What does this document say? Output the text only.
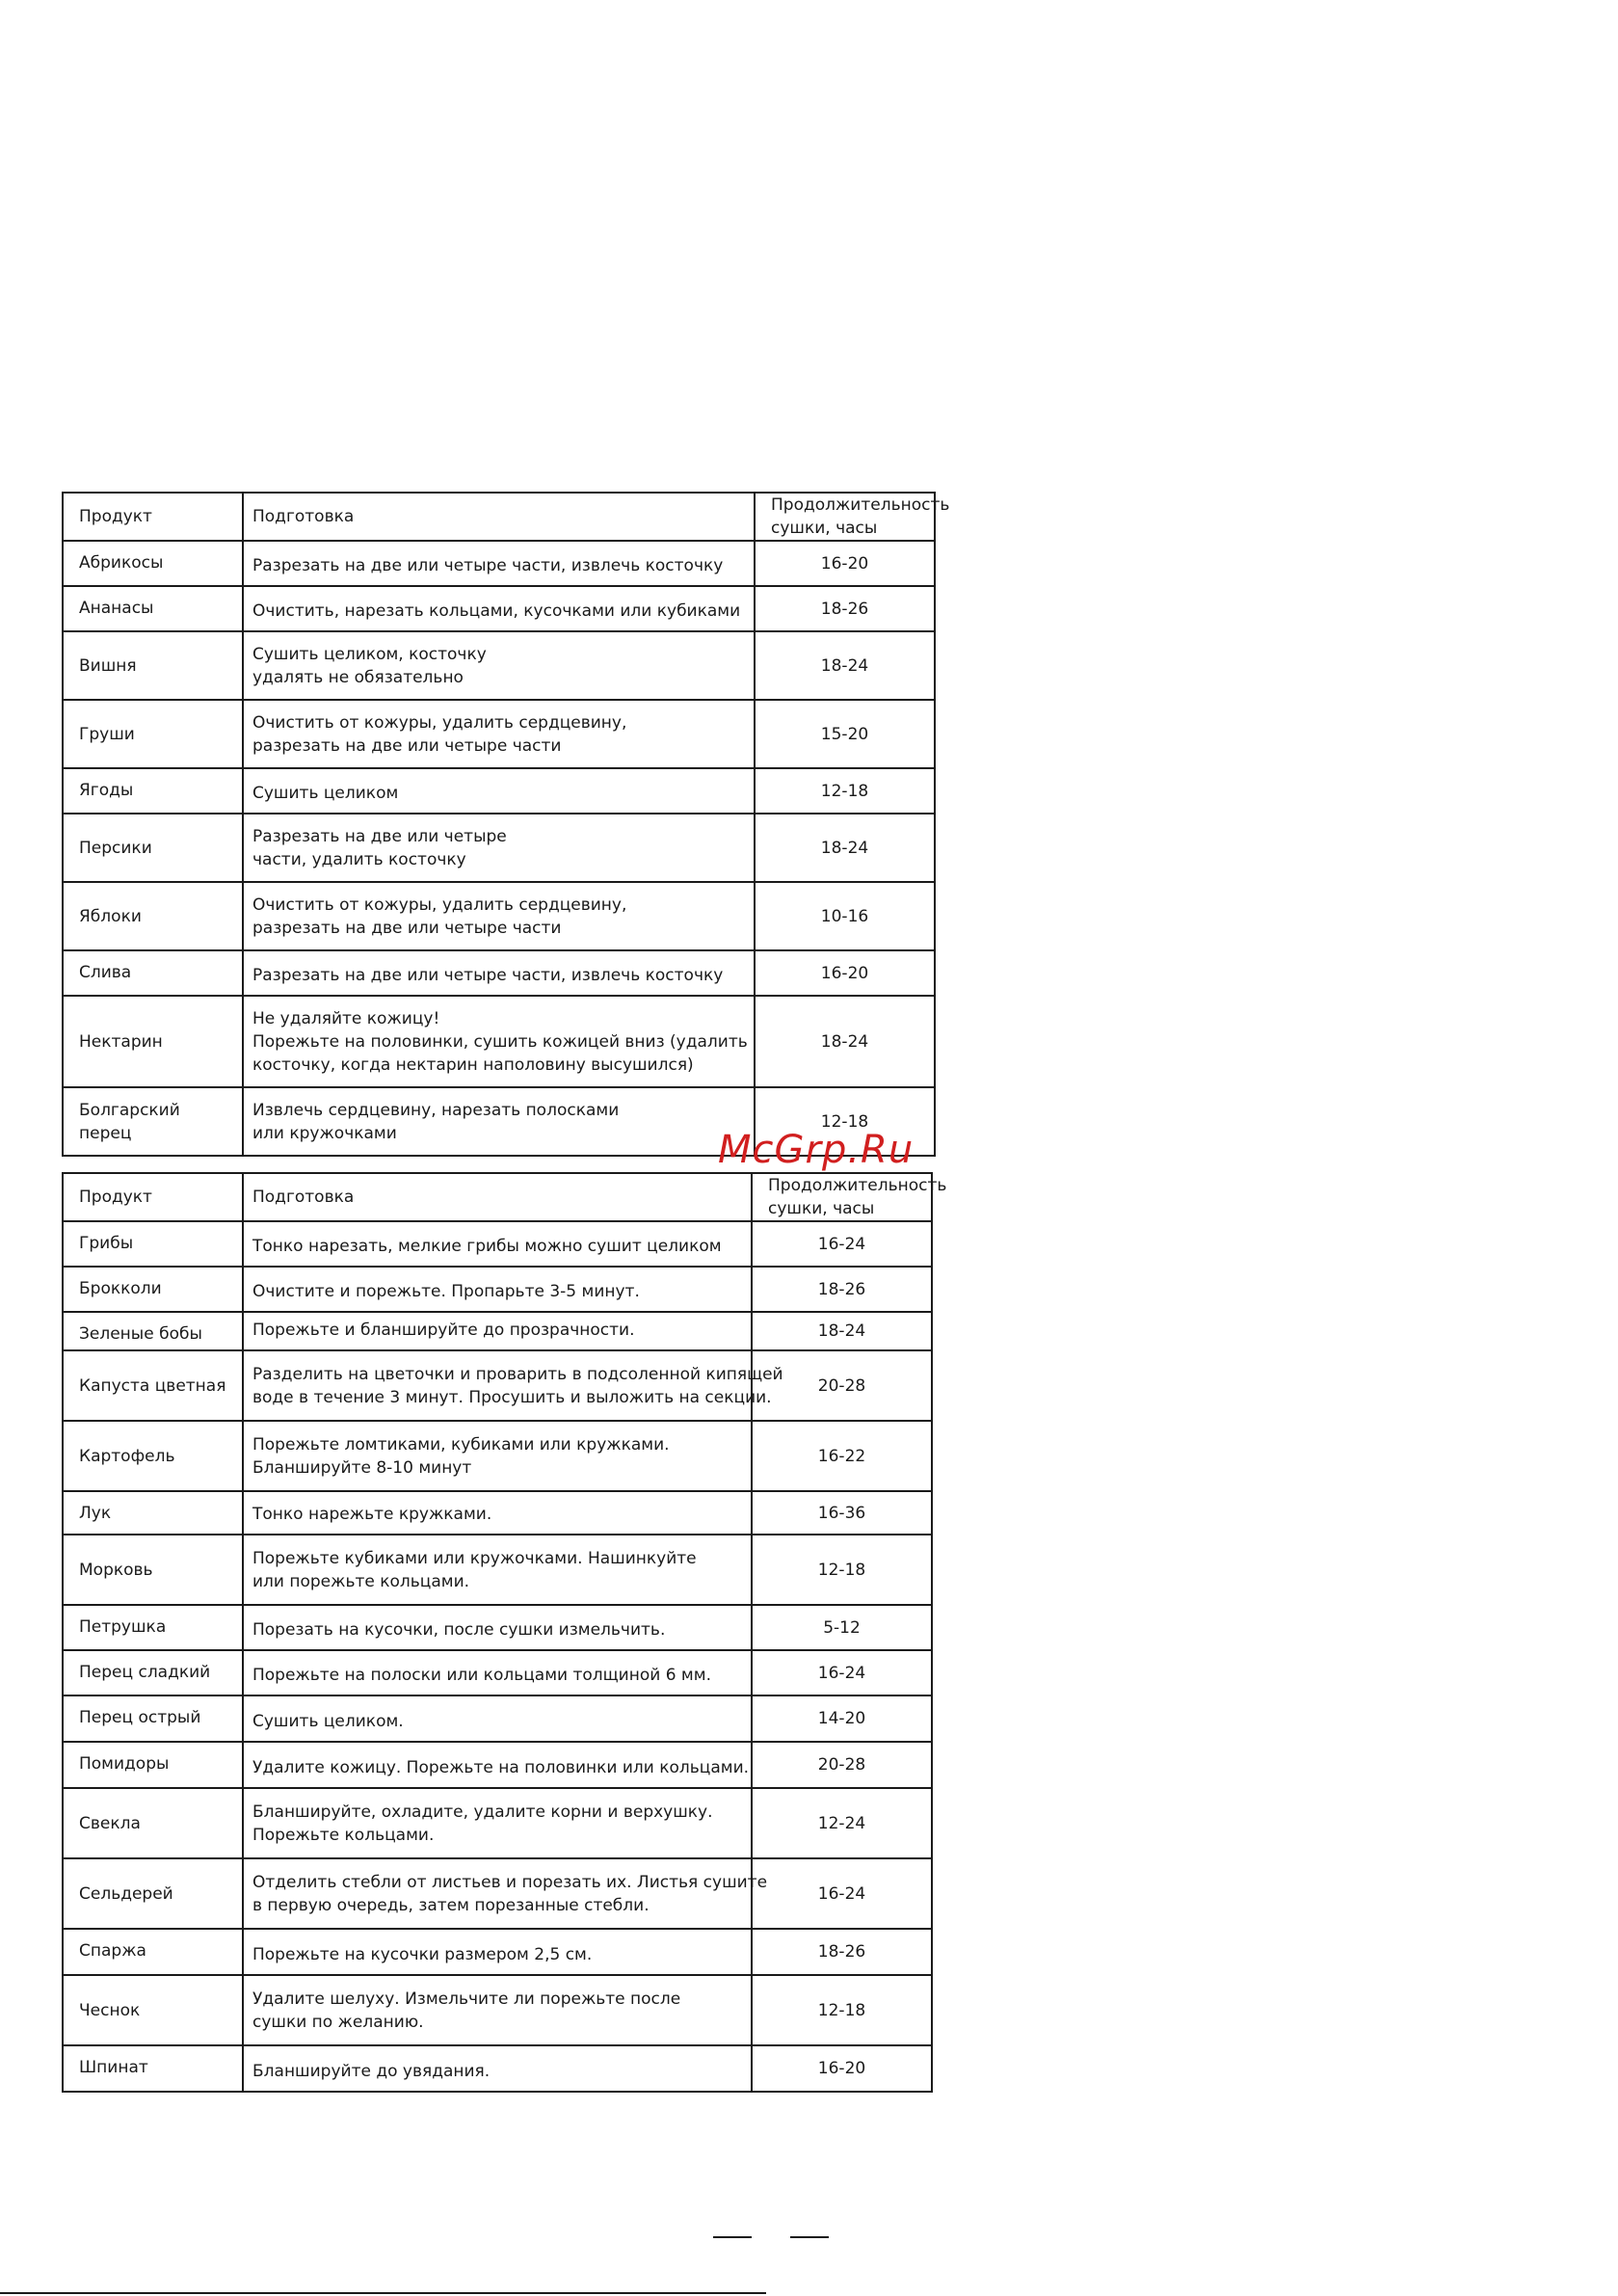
Продукт	Подготовка	Продолжительность
сушки, часы

Абрикосы	Разрезать на две или четыре части, извлечь косточку	16-20
Ананасы	Очистить, нарезать кольцами, кусочками или кубиками	18-26
Вишня	Сушить целиком, косточку
удалять не обязательно	18-24
Груши	Очистить от кожуры, удалить сердцевину,
разрезать на две или четыре части	15-20
Ягоды	Сушить целиком	12-18
Персики	Разрезать на две или четыре
части, удалить косточку	18-24
Яблоки	Очистить от кожуры, удалить сердцевину,
разрезать на две или четыре части	10-16
Слива	Разрезать на две или четыре части, извлечь косточку	16-20
Нектарин	Не удаляйте кожицу!
Порежьте на половинки, сушить кожицей вниз (удалить
косточку, когда нектарин наполовину высушился)	18-24
Болгарский перец	Извлечь сердцевину, нарезать полосками
или кружочками	12-18
Продукт	Подготовка	Продолжительность
сушки, часы

Грибы	Тонко нарезать, мелкие грибы можно сушит целиком	16-24
Брокколи	Очистите и порежьте. Пропарьте 3-5 минут.	18-26
Зеленые бобы	Порежьте и бланшируйте до прозрачности.	18-24
Капуста цветная	Разделить на цветочки и проварить в подсоленной кипящей
воде в течение 3 минут. Просушить и выложить на секции.	20-28
Картофель	Порежьте ломтиками, кубиками или кружками.
Бланшируйте 8-10 минут	16-22
Лук	Тонко нарежьте кружками.	16-36
Морковь	Порежьте кубиками или кружочками. Нашинкуйте
или порежьте кольцами.	12-18
Петрушка	Порезать на кусочки, после сушки измельчить.	5-12
Перец сладкий	Порежьте на полоски или кольцами толщиной 6 мм.	16-24
Перец острый	Сушить целиком.	14-20
Помидоры	Удалите кожицу. Порежьте на половинки или кольцами.	20-28
Свекла	Бланшируйте, охладите, удалите корни и верхушку.
Порежьте кольцами.	12-24
Сельдерей	Отделить стебли от листьев и порезать их. Листья сушите
в первую очередь, затем порезанные стебли.	16-24
Спаржа	Порежьте на кусочки размером 2,5 см.	18-26
Чеснок	Удалите шелуху. Измельчите ли порежьте после
сушки по желанию.	12-18
Шпинат	Бланшируйте до увядания.	16-20
McGrp.Ru
